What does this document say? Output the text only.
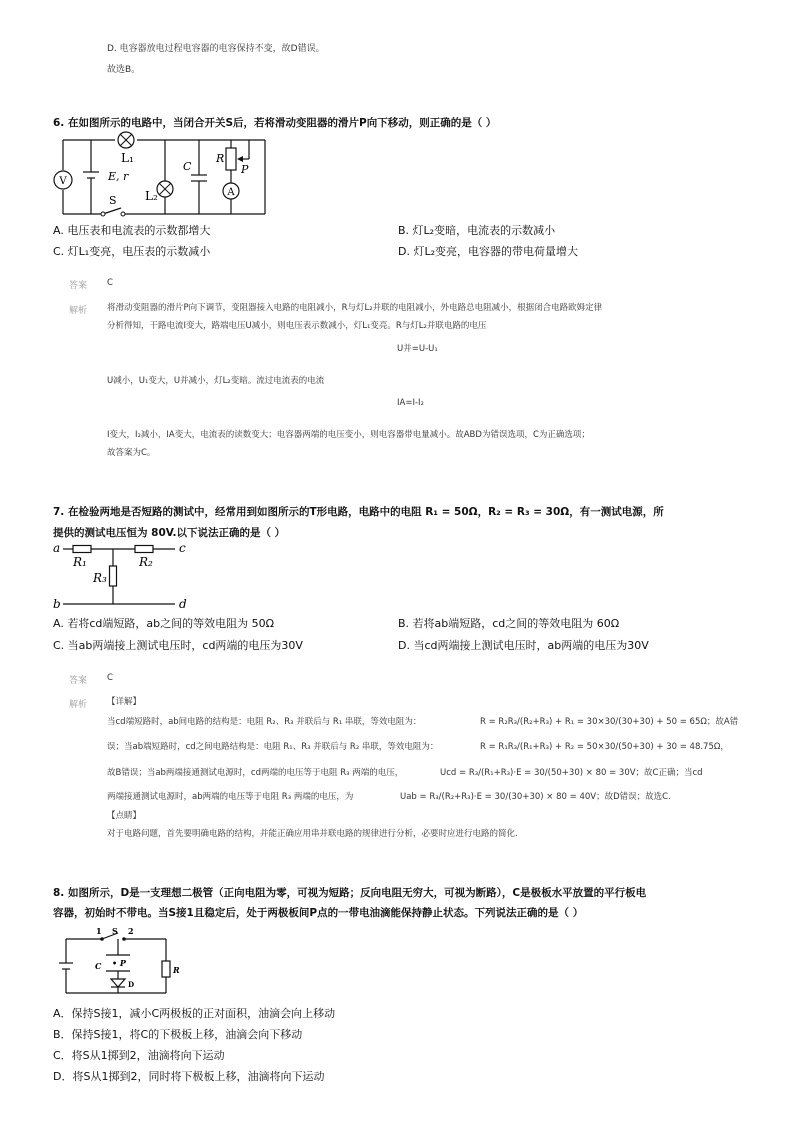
D. 电容器放电过程电容器的电容保持不变，故D错误。
故选B。
6. 在如图所示的电路中，当闭合开关S后，若将滑动变阻器的滑片P向下移动，则正确的是（ ）
V
A
L₁
L₂
E, r
S
C
R
P
A. 电压表和电流表的示数都增大	B. 灯L₂变暗，电流表的示数减小
C. 灯L₁变亮，电压表的示数减小	D. 灯L₂变亮，电容器的带电荷量增大
答案 C
解析 将滑动变阻器的滑片P向下调节，变阻器接入电路的电阻减小，R与灯L₂并联的电阻减小，外电路总电阻减小，根据闭合电路欧姆定律
分析得知，干路电流I变大，路端电压U减小，则电压表示数减小，灯L₁变亮。R与灯L₂并联电路的电压
U并=U-U₁
U减小，U₁变大，U并减小，灯L₂变暗。流过电流表的电流
IA=I-I₂
I变大，I₂减小，IA变大，电流表的读数变大；电容器两端的电压变小，则电容器带电量减小。故ABD为错误选项，C为正确选项；
故答案为C。
7. 在检验两地是否短路的测试中，经常用到如图所示的T形电路，电路中的电阻 R₁ = 50Ω，R₂ = R₃ = 30Ω，有一测试电源，所
提供的测试电压恒为 80V.以下说法正确的是（ ）
a	c
b	d
R₁	R₂
R₃
A. 若将cd端短路，ab之间的等效电阻为 50Ω	B. 若将ab端短路，cd之间的等效电阻为 60Ω
C. 当ab两端接上测试电压时，cd两端的电压为30V	D. 当cd两端接上测试电压时，ab两端的电压为30V
答案 C
解析 【详解】
当cd端短路时，ab间电路的结构是：电阻 R₂、R₃ 并联后与 R₁ 串联，等效电阻为：	R = R₂R₃/(R₂+R₃) + R₁ = 30×30/(30+30) + 50 = 65Ω；故A错
误；当ab端短路时，cd之间电路结构是：电阻 R₁、R₃ 并联后与 R₂ 串联，等效电阻为：	R = R₁R₃/(R₁+R₃) + R₂ = 50×30/(50+30) + 30 = 48.75Ω，
故B错误；当ab两端接通测试电源时，cd两端的电压等于电阻 R₃ 两端的电压，	Ucd = R₃/(R₁+R₃)·E = 30/(50+30) × 80 = 30V；故C正确；当cd
两端接通测试电源时，ab两端的电压等于电阻 R₃ 两端的电压，为	Uab = R₃/(R₂+R₃)·E = 30/(30+30) × 80 = 40V；故D错误；故选C.
【点睛】
对于电路问题，首先要明确电路的结构，并能正确应用串并联电路的规律进行分析，必要时应进行电路的简化.
8. 如图所示，D是一支理想二极管（正向电阻为零，可视为短路；反向电阻无穷大，可视为断路），C是极板水平放置的平行板电
容器，初始时不带电。当S接1且稳定后，处于两极板间P点的一带电油滴能保持静止状态。下列说法正确的是（ ）
1 S 2
C • P
D
R
A．保持S接1，减小C两极板的正对面积，油滴会向上移动
B．保持S接1，将C的下极板上移，油滴会向下移动
C．将S从1掷到2，油滴将向下运动
D．将S从1掷到2，同时将下极板上移，油滴将向下运动
